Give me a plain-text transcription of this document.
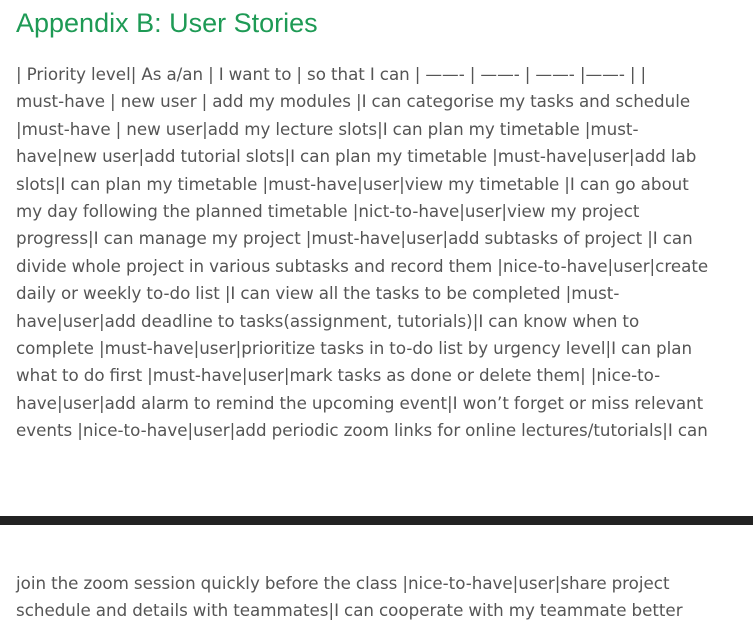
Appendix B: User Stories
| Priority level| As a/an | I want to | so that I can | ——- | ——- | ——- |——- | |
must-have | new user | add my modules |I can categorise my tasks and schedule
|must-have | new user|add my lecture slots|I can plan my timetable |must-
have|new user|add tutorial slots|I can plan my timetable |must-have|user|add lab
slots|I can plan my timetable |must-have|user|view my timetable |I can go about
my day following the planned timetable |nict-to-have|user|view my project
progress|I can manage my project |must-have|user|add subtasks of project |I can
divide whole project in various subtasks and record them |nice-to-have|user|create
daily or weekly to-do list |I can view all the tasks to be completed |must-
have|user|add deadline to tasks(assignment, tutorials)|I can know when to
complete |must-have|user|prioritize tasks in to-do list by urgency level|I can plan
what to do first |must-have|user|mark tasks as done or delete them| |nice-to-
have|user|add alarm to remind the upcoming event|I won’t forget or miss relevant
events |nice-to-have|user|add periodic zoom links for online lectures/tutorials|I can
join the zoom session quickly before the class |nice-to-have|user|share project
schedule and details with teammates|I can cooperate with my teammate better
